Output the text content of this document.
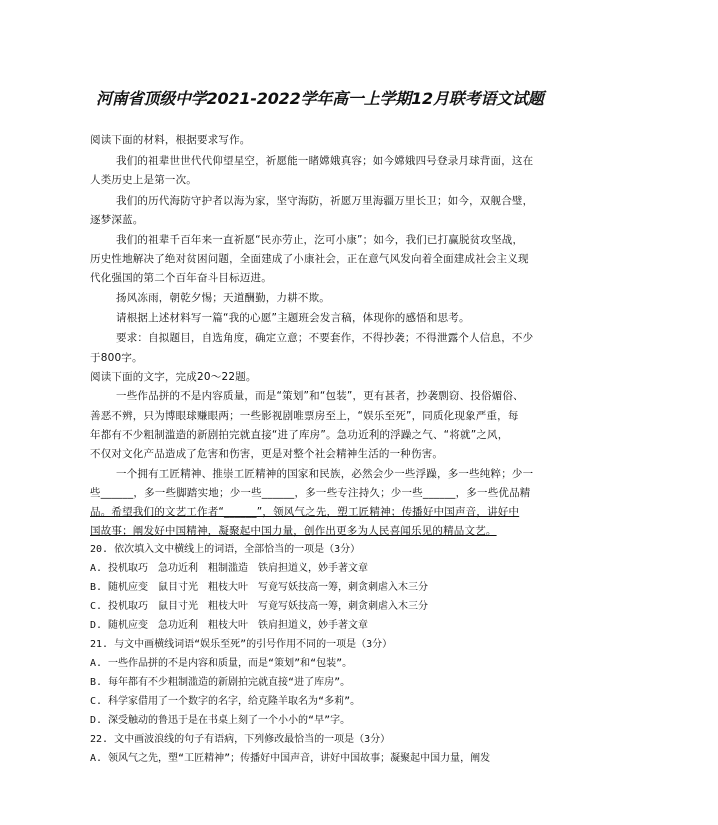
河南省顶级中学2021-2022学年高一上学期12月联考语文试题
阅读下面的材料，根据要求写作。
我们的祖辈世世代代仰望星空，祈愿能一睹嫦娥真容；如今嫦娥四号登录月球背面，这在
人类历史上是第一次。
我们的历代海防守护者以海为家，坚守海防，祈愿万里海疆万里长卫；如今，双舰合璧，
逐梦深蓝。
我们的祖辈千百年来一直祈愿“民亦劳止，汔可小康”；如今，我们已打赢脱贫攻坚战，
历史性地解决了绝对贫困问题，全面建成了小康社会，正在意气风发向着全面建成社会主义现
代化强国的第二个百年奋斗目标迈进。
扬风冻雨，朝乾夕惕；天道酬勤，力耕不欺。
请根据上述材料写一篇“我的心愿”主题班会发言稿，体现你的感悟和思考。
要求：自拟题目，自选角度，确定立意；不要套作，不得抄袭；不得泄露个人信息，不少
于800字。
阅读下面的文字，完成20～22题。
一些作品拼的不是内容质量，而是“策划”和“包装”，更有甚者，抄袭剽窃、投俗媚俗、
善恶不辨，只为博眼球赚眼两；一些影视剧唯票房至上，“娱乐至死”，同质化现象严重，每
年都有不少粗制滥造的新剧拍完就直接“进了库房”。急功近利的浮躁之气、“将就”之风，
不仅对文化产品造成了危害和伤害，更是对整个社会精神生活的一种伤害。
一个拥有工匠精神、推崇工匠精神的国家和民族，必然会少一些浮躁，多一些纯粹；少一
些______，多一些脚踏实地；少一些______，多一些专注持久；少一些______，多一些优品精
品。希望我们的文艺工作者“______”，领风气之先，塑工匠精神；传播好中国声音，讲好中
国故事；阐发好中国精神，凝聚起中国力量，创作出更多为人民喜闻乐见的精品文艺。
20. 依次填入文中横线上的词语，全部恰当的一项是（3分）
A. 投机取巧　急功近利　粗制滥造　铁肩担道义，妙手著文章
B. 随机应变　鼠目寸光　粗枝大叶　写竟写妖技高一筹，刺贪刺虐入木三分
C. 投机取巧　鼠目寸光　粗枝大叶　写竟写妖技高一筹，刺贪刺虐入木三分
D. 随机应变　急功近利　粗枝大叶　铁肩担道义，妙手著文章
21. 与文中画横线词语“娱乐至死”的引号作用不同的一项是（3分）
A. 一些作品拼的不是内容和质量，而是“策划”和“包装”。
B. 每年都有不少粗制滥造的新剧拍完就直接“进了库房”。
C. 科学家借用了一个数字的名字，给克隆羊取名为“多莉”。
D. 深受触动的鲁迅于是在书桌上刻了一个小小的“早”字。
22. 文中画波浪线的句子有语病，下列修改最恰当的一项是（3分）
A. 领风气之先，塑“工匠精神”；传播好中国声音，讲好中国故事；凝聚起中国力量，阐发
